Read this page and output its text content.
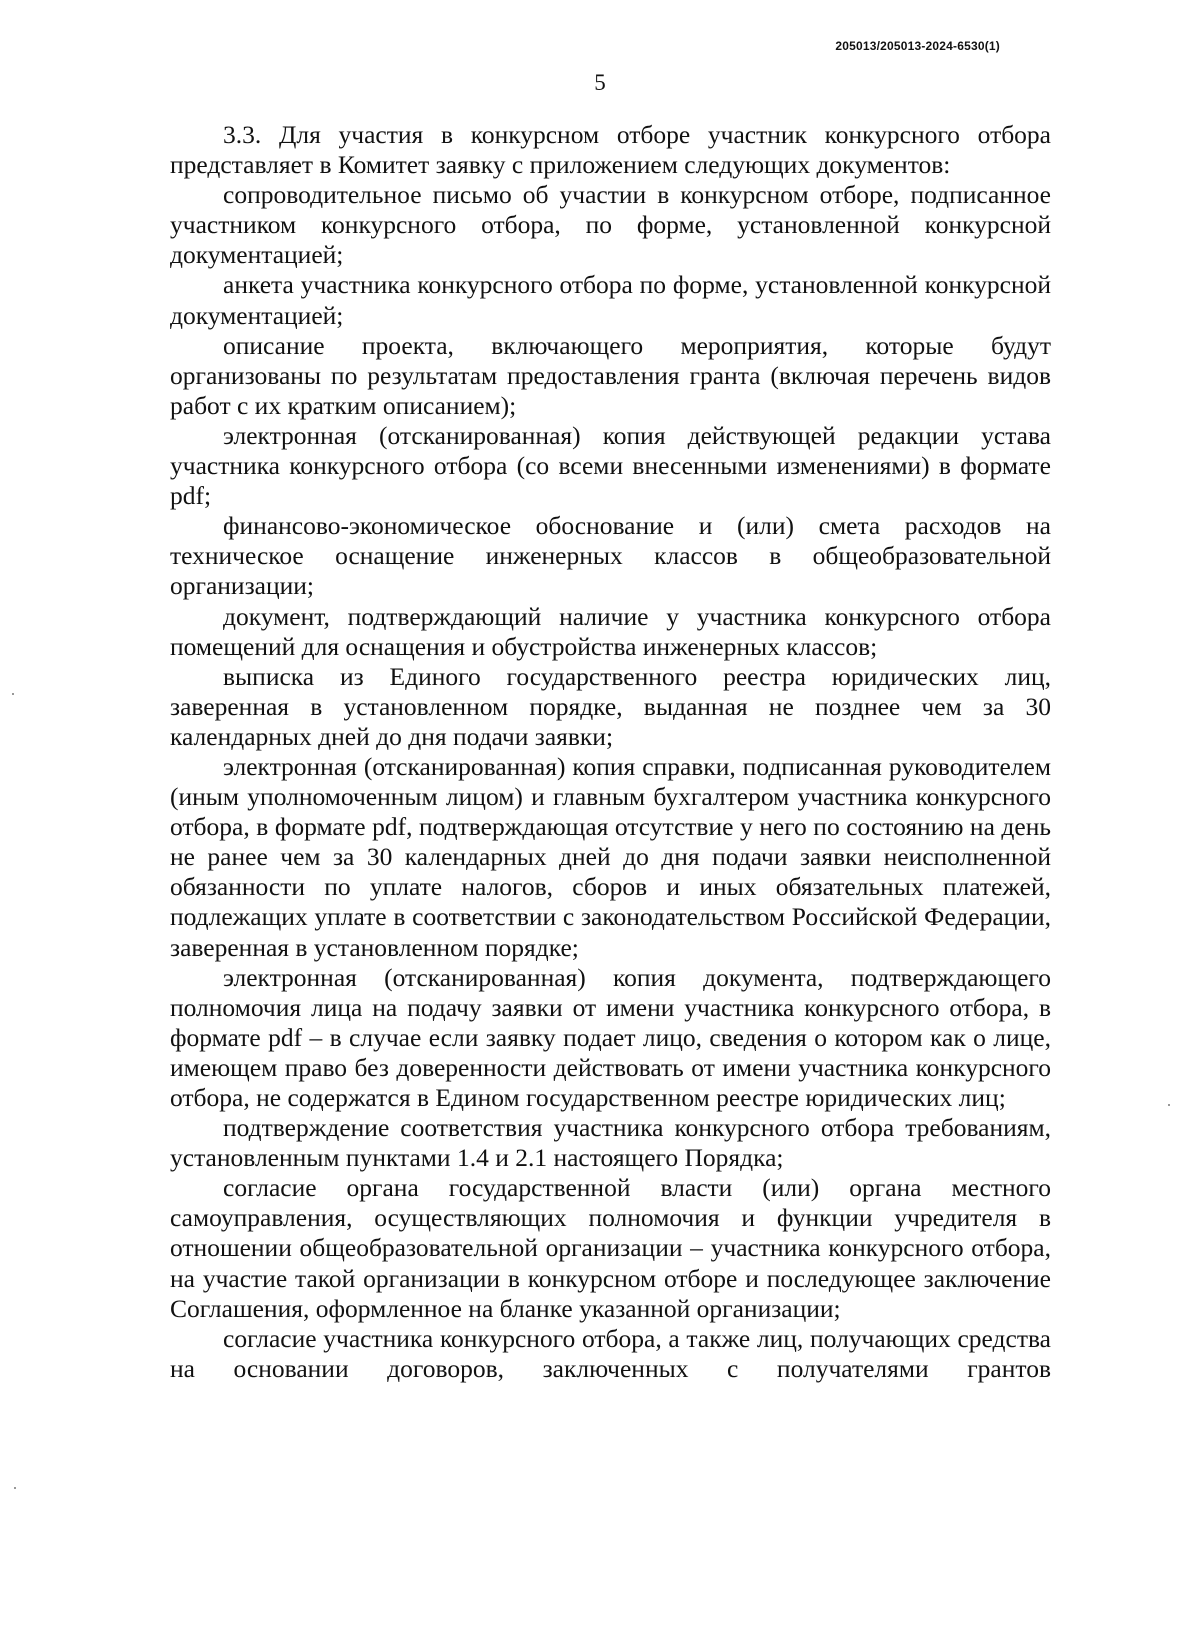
205013/205013-2024-6530(1)
5

3.3. Для участия в конкурсном отборе участник конкурсного отбора представляет в Комитет заявку с приложением следующих документов:

сопроводительное письмо об участии в конкурсном отборе, подписанное участником конкурсного отбора, по форме, установленной конкурсной документацией;

анкета участника конкурсного отбора по форме, установленной конкурсной документацией;

описание проекта, включающего мероприятия, которые будут организованы по результатам предоставления гранта (включая перечень видов работ с их кратким описанием);

электронная (отсканированная) копия действующей редакции устава участника конкурсного отбора (со всеми внесенными изменениями) в формате pdf;

финансово-экономическое обоснование и (или) смета расходов на техническое оснащение инженерных классов в общеобразовательной организации;

документ, подтверждающий наличие у участника конкурсного отбора помещений для оснащения и обустройства инженерных классов;

выписка из Единого государственного реестра юридических лиц, заверенная в установленном порядке, выданная не позднее чем за 30 календарных дней до дня подачи заявки;

электронная (отсканированная) копия справки, подписанная руководителем (иным уполномоченным лицом) и главным бухгалтером участника конкурсного отбора, в формате pdf, подтверждающая отсутствие у него по состоянию на день не ранее чем за 30 календарных дней до дня подачи заявки неисполненной обязанности по уплате налогов, сборов и иных обязательных платежей, подлежащих уплате в соответствии с законодательством Российской Федерации, заверенная в установленном порядке;

электронная (отсканированная) копия документа, подтверждающего полномочия лица на подачу заявки от имени участника конкурсного отбора, в формате pdf – в случае если заявку подает лицо, сведения о котором как о лице, имеющем право без доверенности действовать от имени участника конкурсного отбора, не содержатся в Едином государственном реестре юридических лиц;

подтверждение соответствия участника конкурсного отбора требованиям, установленным пунктами 1.4 и 2.1 настоящего Порядка;

согласие органа государственной власти (или) органа местного самоуправления, осуществляющих полномочия и функции учредителя в отношении общеобразовательной организации – участника конкурсного отбора, на участие такой организации в конкурсном отборе и последующее заключение Соглашения, оформленное на бланке указанной организации;

согласие участника конкурсного отбора, а также лиц, получающих средства на основании договоров, заключенных с получателями грантов
